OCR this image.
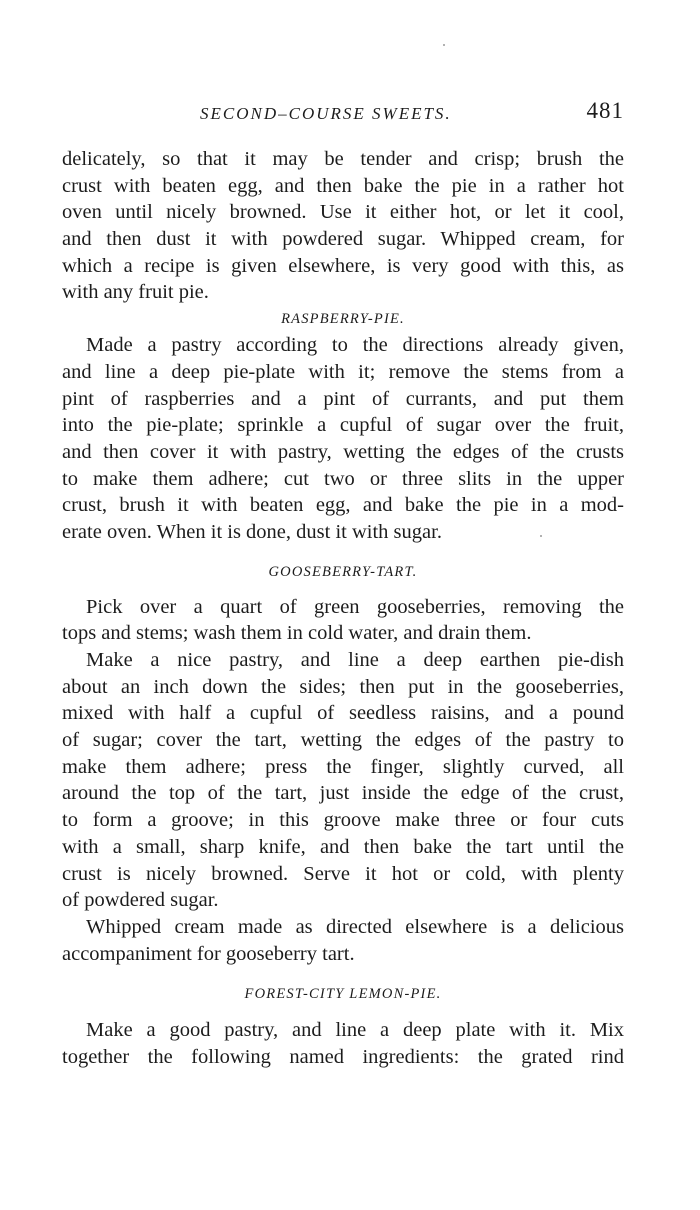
SECOND–COURSE SWEETS.	481
delicately, so that it may be tender and crisp; brush the
crust with beaten egg, and then bake the pie in a rather hot
oven until nicely browned. Use it either hot, or let it cool,
and then dust it with powdered sugar. Whipped cream, for
which a recipe is given elsewhere, is very good with this, as
with any fruit pie.
RASPBERRY-PIE.
Made a pastry according to the directions already given,
and line a deep pie-plate with it; remove the stems from a
pint of raspberries and a pint of currants, and put them
into the pie-plate; sprinkle a cupful of sugar over the fruit,
and then cover it with pastry, wetting the edges of the crusts
to make them adhere; cut two or three slits in the upper
crust, brush it with beaten egg, and bake the pie in a mod-
erate oven. When it is done, dust it with sugar.
GOOSEBERRY-TART.
Pick over a quart of green gooseberries, removing the
tops and stems; wash them in cold water, and drain them.
Make a nice pastry, and line a deep earthen pie-dish
about an inch down the sides; then put in the gooseberries,
mixed with half a cupful of seedless raisins, and a pound
of sugar; cover the tart, wetting the edges of the pastry to
make them adhere; press the finger, slightly curved, all
around the top of the tart, just inside the edge of the crust,
to form a groove; in this groove make three or four cuts
with a small, sharp knife, and then bake the tart until the
crust is nicely browned. Serve it hot or cold, with plenty
of powdered sugar.
Whipped cream made as directed elsewhere is a delicious
accompaniment for gooseberry tart.
FOREST-CITY LEMON-PIE.
Make a good pastry, and line a deep plate with it. Mix
together the following named ingredients: the grated rind
